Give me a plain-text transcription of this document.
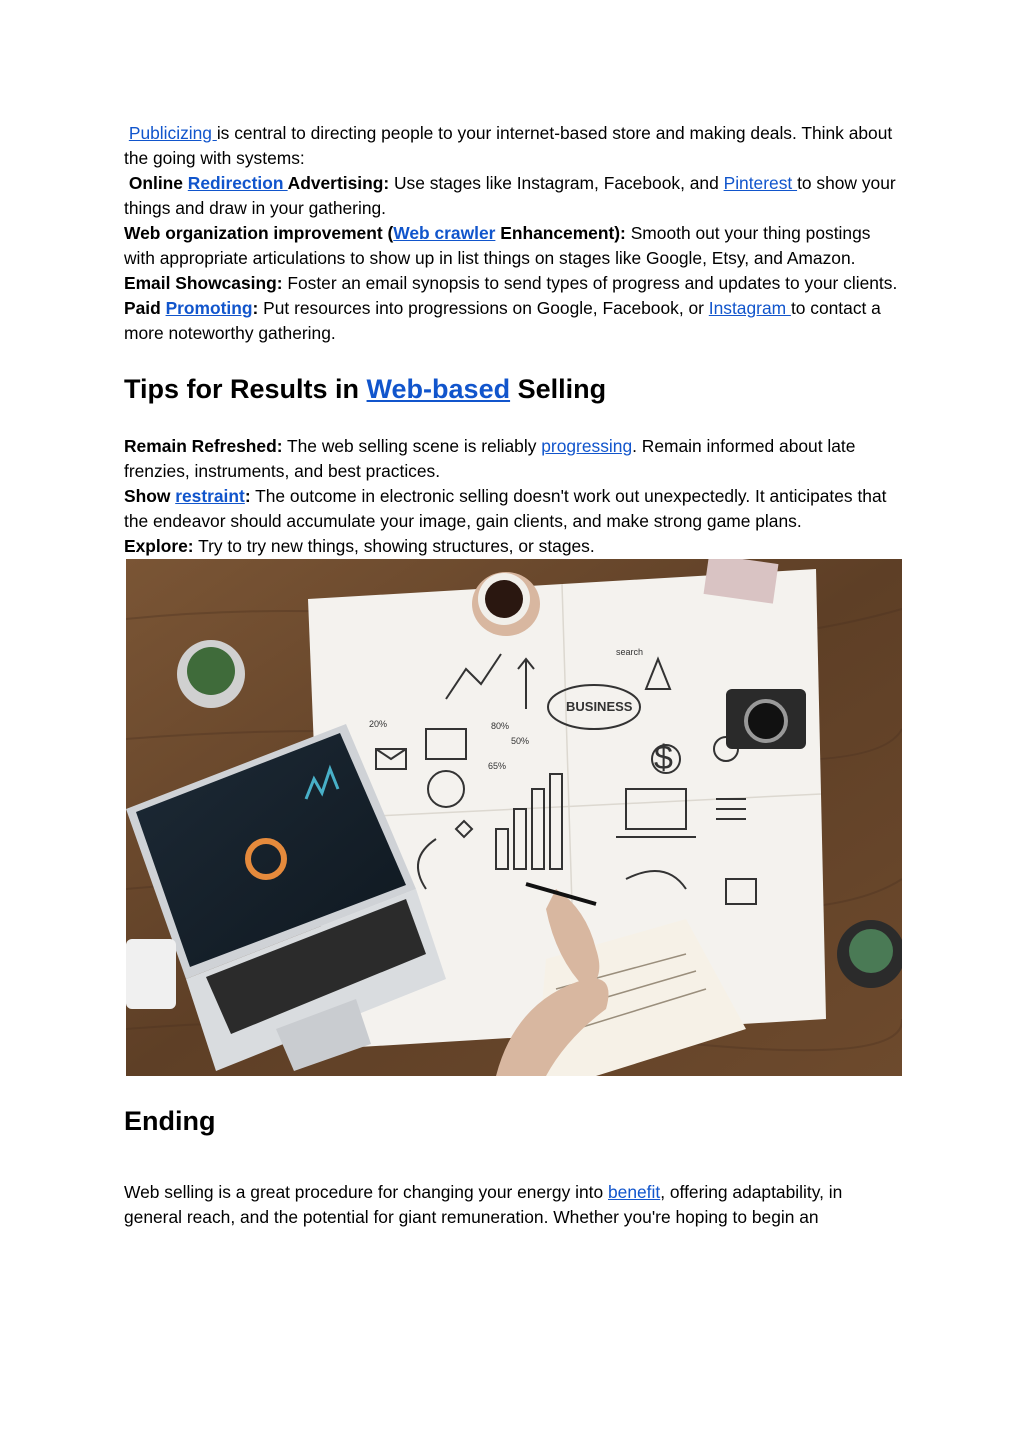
Publicizing is central to directing people to your internet-based store and making deals. Think about the going with systems:

Online Redirection Advertising: Use stages like Instagram, Facebook, and Pinterest to show your things and draw in your gathering.

Web organization improvement (Web crawler Enhancement): Smooth out your thing postings with appropriate articulations to show up in list things on stages like Google, Etsy, and Amazon.

Email Showcasing: Foster an email synopsis to send types of progress and updates to your clients.

Paid Promoting: Put resources into progressions on Google, Facebook, or Instagram to contact a more noteworthy gathering.

Tips for Results in Web-based Selling

Remain Refreshed: The web selling scene is reliably progressing. Remain informed about late frenzies, instruments, and best practices.

Show restraint: The outcome in electronic selling doesn't work out unexpectedly. It anticipates that the endeavor should accumulate your image, gain clients, and make strong game plans.

Explore: Try to try new things, showing structures, or stages.

BUSINESS
search
20%	80%
50%
65%	$
Ending

Web selling is a great procedure for changing your energy into benefit, offering adaptability, in general reach, and the potential for giant remuneration. Whether you're hoping to begin an
